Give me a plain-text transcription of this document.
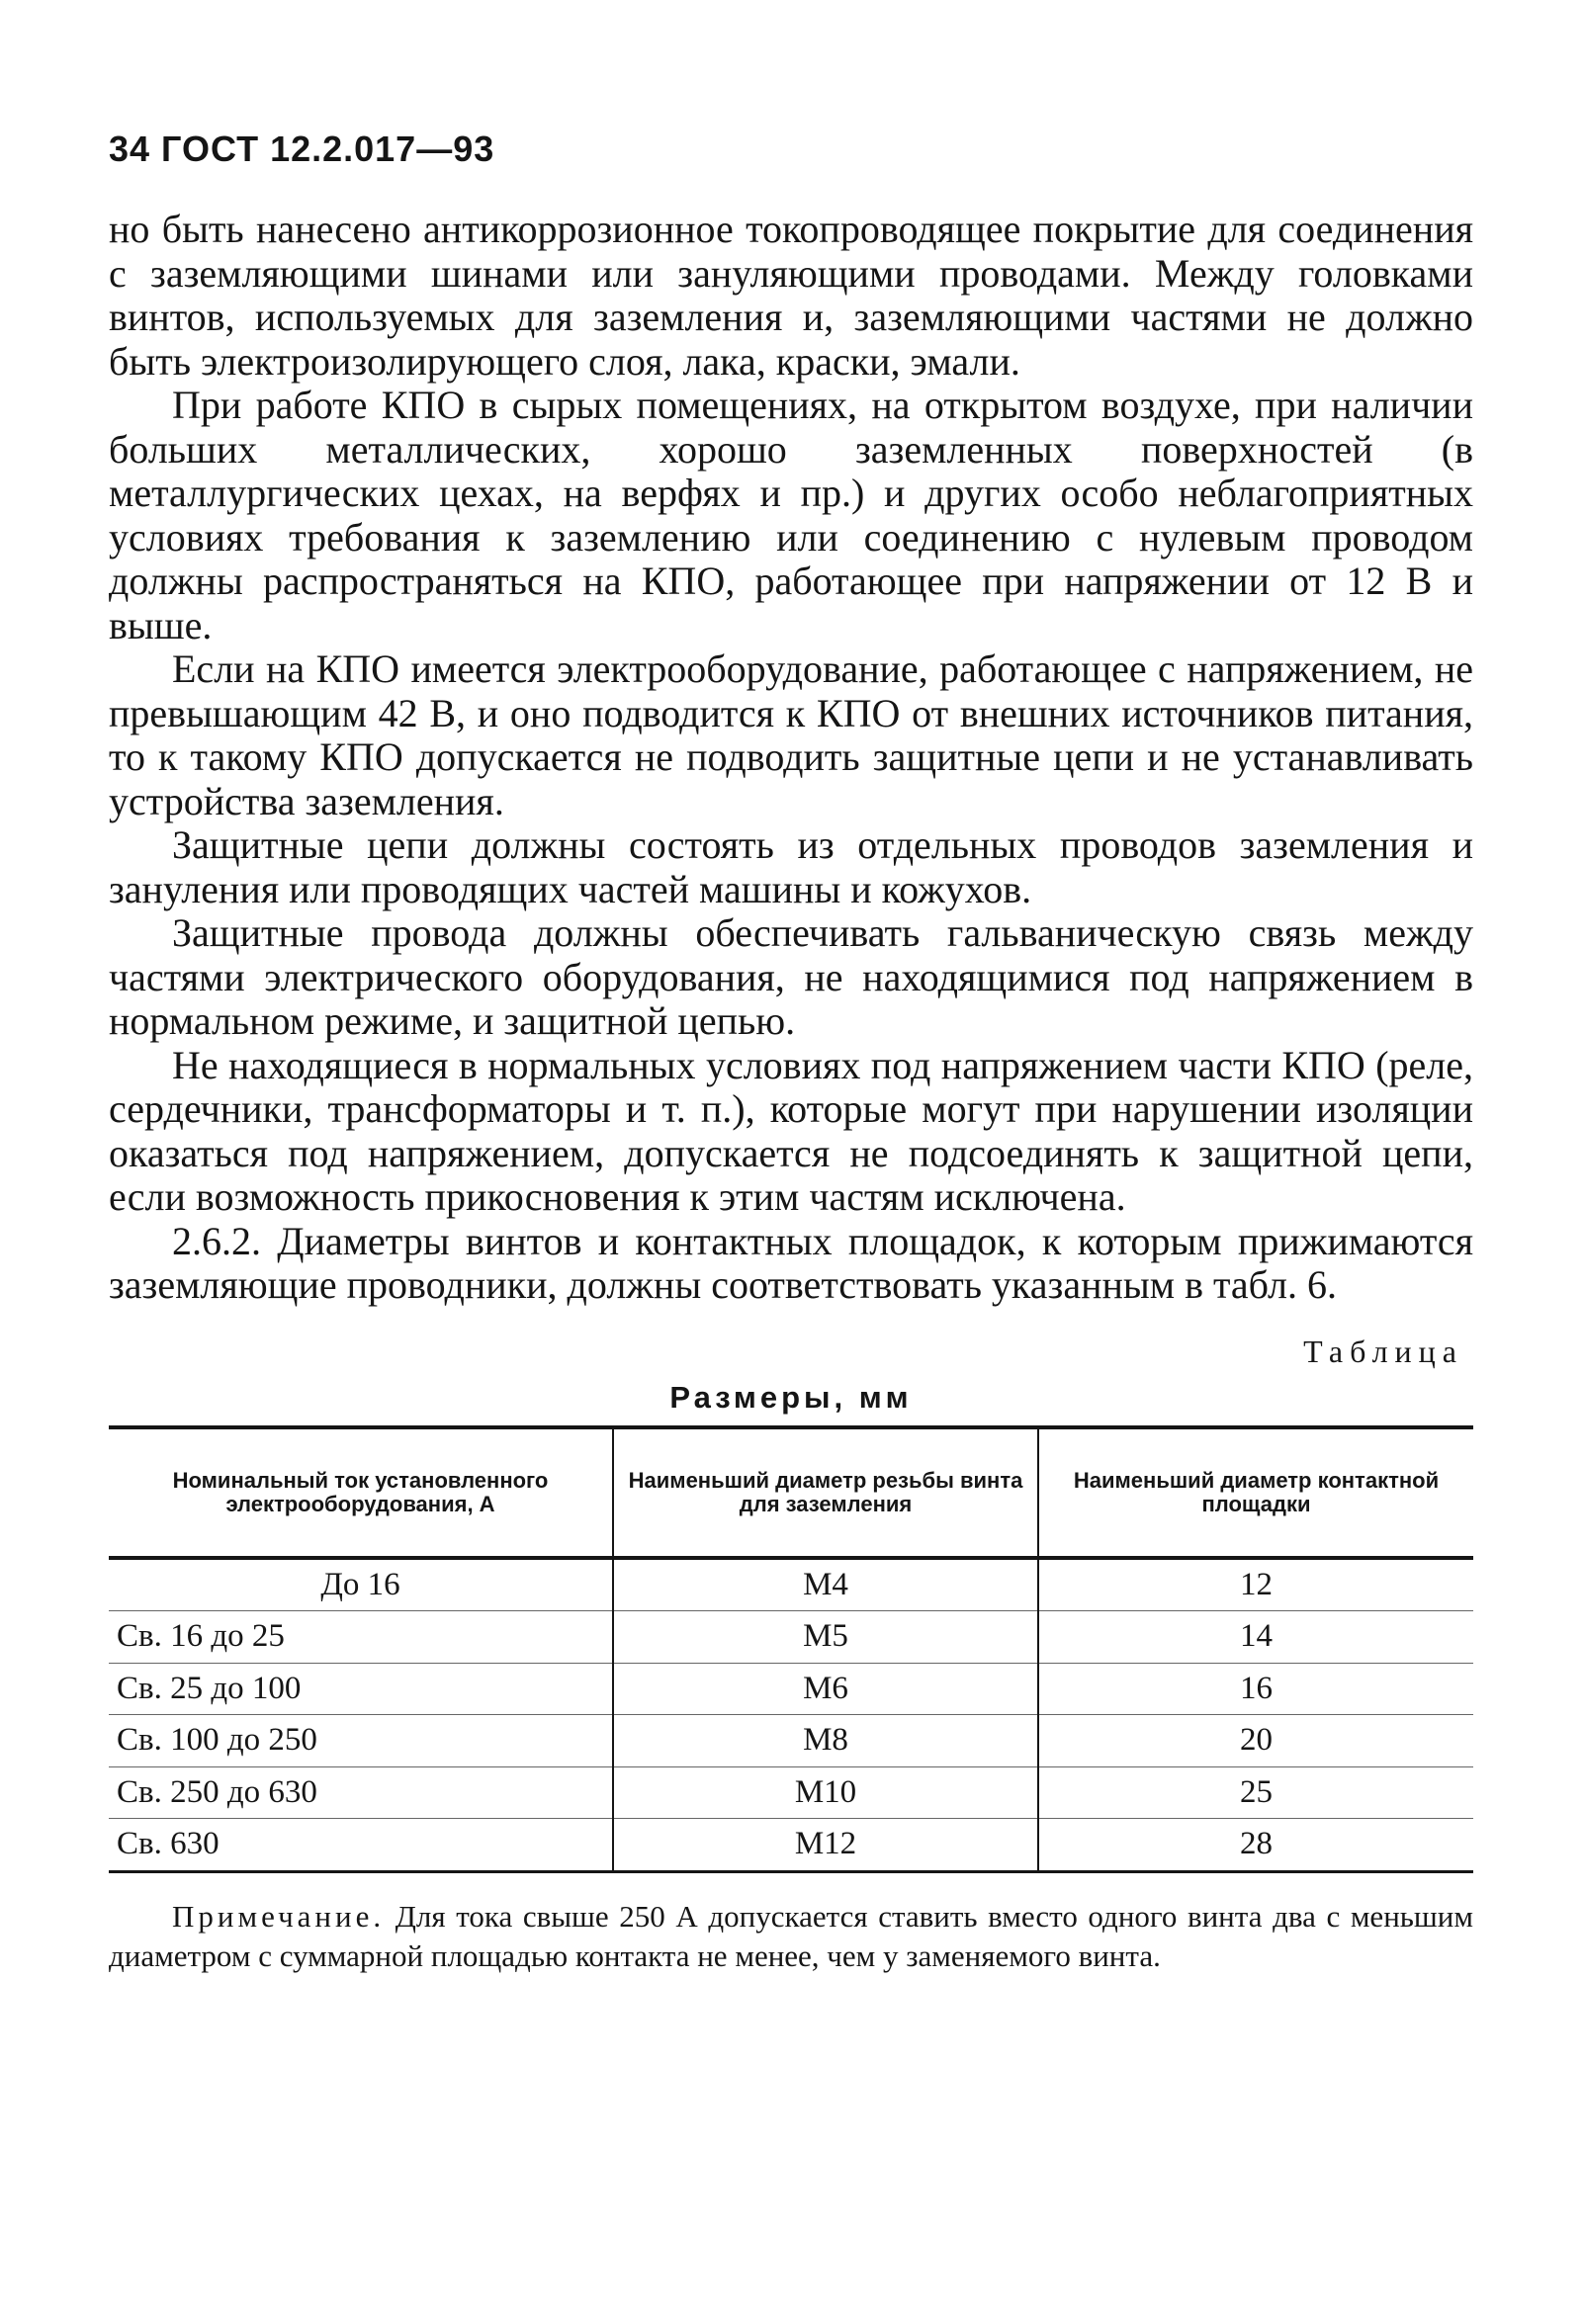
34 ГОСТ 12.2.017—93

но быть нанесено антикоррозионное токопроводящее покрытие для соединения с заземляющими шинами или зануляющими проводами. Между головками винтов, используемых для заземления и, заземляющими частями не должно быть электроизолирующего слоя, лака, краски, эмали.

При работе КПО в сырых помещениях, на открытом воздухе, при наличии больших металлических, хорошо заземленных поверхностей (в металлургических цехах, на верфях и пр.) и других особо неблагоприятных условиях требования к заземлению или соединению с нулевым проводом должны распространяться на КПО, работающее при напряжении от 12 В и выше.

Если на КПО имеется электрооборудование, работающее с напряжением, не превышающим 42 В, и оно подводится к КПО от внешних источников питания, то к такому КПО допускается не подводить защитные цепи и не устанавливать устройства заземления.

Защитные цепи должны состоять из отдельных проводов заземления и зануления или проводящих частей машины и кожухов.

Защитные провода должны обеспечивать гальваническую связь между частями электрического оборудования, не находящимися под напряжением в нормальном режиме, и защитной цепью.

Не находящиеся в нормальных условиях под напряжением части КПО (реле, сердечники, трансформаторы и т. п.), которые могут при нарушении изоляции оказаться под напряжением, допускается не подсоединять к защитной цепи, если возможность прикосновения к этим частям исключена.

2.6.2. Диаметры винтов и контактных площадок, к которым прижимаются заземляющие проводники, должны соответствовать указанным в табл. 6.

Таблица
Размеры, мм
Номинальный ток установленного электрооборудования, А	Наименьший диаметр резьбы винта для заземления	Наименьший диаметр контактной площадки
До 16	М4	12
Св. 16 до 25	М5	14
Св. 25 до 100	М6	16
Св. 100 до 250	М8	20
Св. 250 до 630	М10	25
Св. 630	М12	28
Примечание. Для тока свыше 250 А допускается ставить вместо одного винта два с меньшим диаметром с суммарной площадью контакта не менее, чем у заменяемого винта.
